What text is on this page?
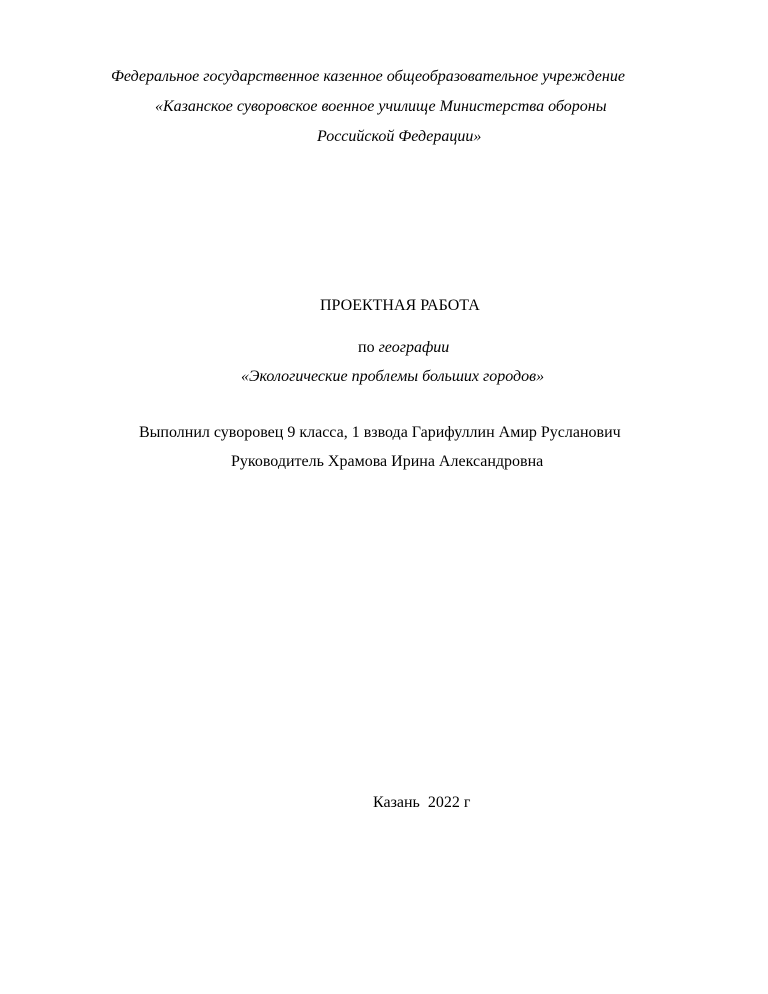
Федеральное государственное казенное общеобразовательное учреждение
«Казанское суворовское военное училище Министерства обороны
Российской Федерации»
ПРОЕКТНАЯ РАБОТА
по географии
«Экологические проблемы больших городов»
Выполнил суворовец 9 класса, 1 взвода Гарифуллин Амир Русланович
Руководитель Храмова Ирина Александровна
Казань  2022 г
